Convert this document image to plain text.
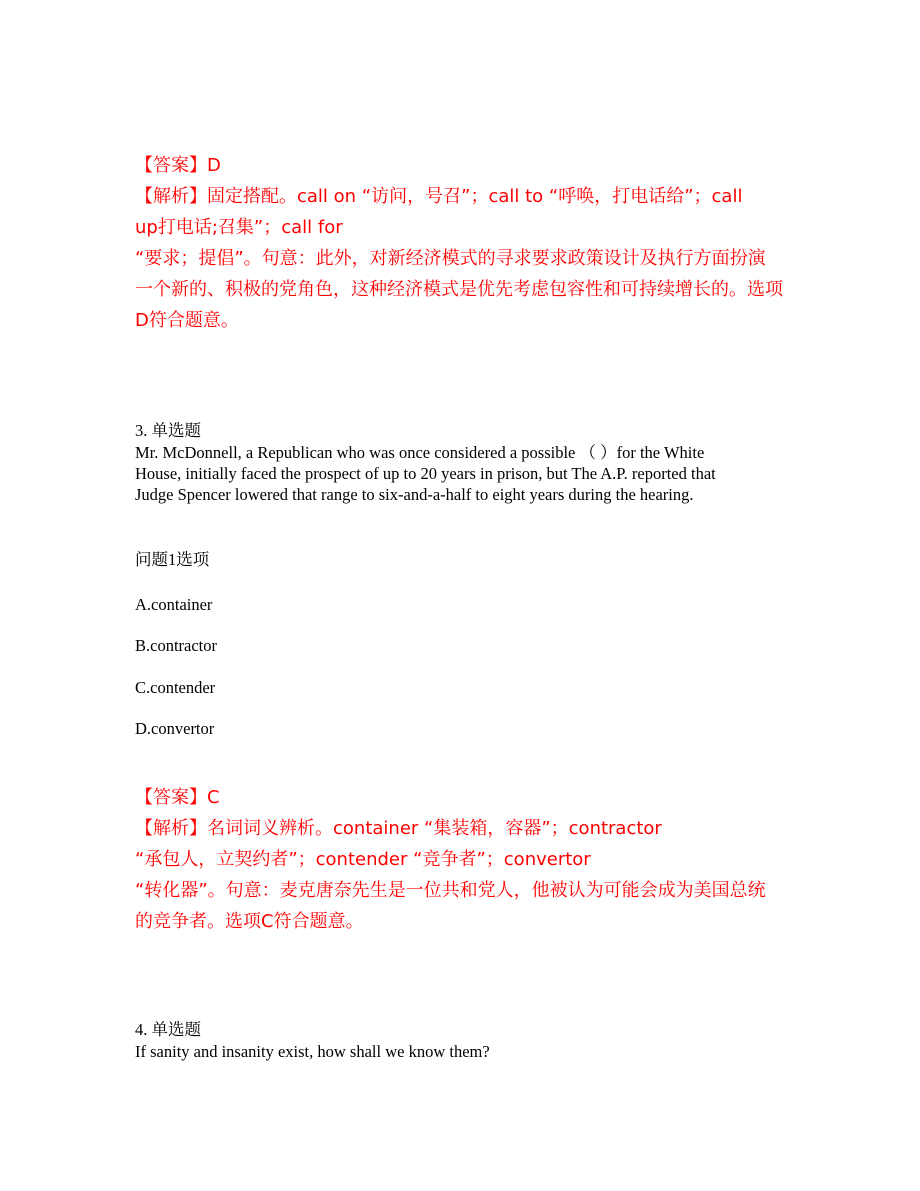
【答案】D
【解析】固定搭配。call on “访问，号召”；call to “呼唤，打电话给”；call
up打电话;召集”；call for
“要求；提倡”。句意：此外，对新经济模式的寻求要求政策设计及执行方面扮演
一个新的、积极的党角色，这种经济模式是优先考虑包容性和可持续增长的。选项
D符合题意。
3. 单选题
Mr. McDonnell, a Republican who was once considered a possible （ ）for the White
House, initially faced the prospect of up to 20 years in prison, but The A.P. reported that
Judge Spencer lowered that range to six-and-a-half to eight years during the hearing.
问题1选项
A.container
B.contractor
C.contender
D.convertor
【答案】C
【解析】名词词义辨析。container “集装箱，容器”；contractor
“承包人，立契约者”；contender “竞争者”；convertor
“转化器”。句意：麦克唐奈先生是一位共和党人，他被认为可能会成为美国总统
的竞争者。选项C符合题意。
4. 单选题
If sanity and insanity exist, how shall we know them?
